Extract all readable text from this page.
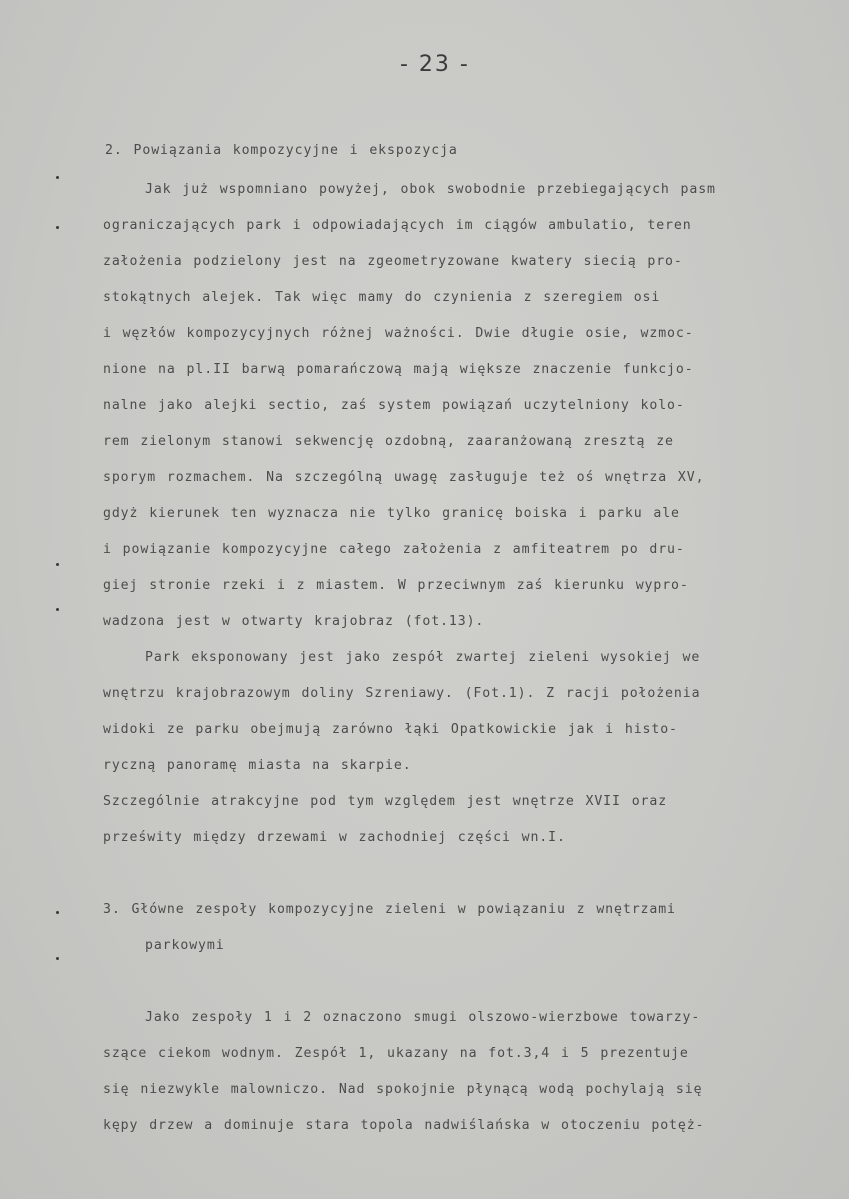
- 23 -
2. Powiązania kompozycyjne i ekspozycja
Jak już wspomniano powyżej, obok swobodnie przebiegających pasm
ograniczających park i odpowiadających im ciągów ambulatio, teren
założenia podzielony jest na zgeometryzowane kwatery siecią pro-
stokątnych alejek. Tak więc mamy do czynienia z szeregiem osi
i węzłów kompozycyjnych różnej ważności. Dwie długie osie, wzmoc-
nione na pl.II barwą pomarańczową mają większe znaczenie funkcjo-
nalne jako alejki sectio, zaś system powiązań uczytelniony kolo-
rem zielonym stanowi sekwencję ozdobną, zaaranżowaną zresztą ze
sporym rozmachem. Na szczególną uwagę zasługuje też oś wnętrza XV,
gdyż kierunek ten wyznacza nie tylko granicę boiska i parku ale
i powiązanie kompozycyjne całego założenia z amfiteatrem po dru-
giej stronie rzeki i z miastem. W przeciwnym zaś kierunku wypro-
wadzona jest w otwarty krajobraz (fot.13).
Park eksponowany jest jako zespół zwartej zieleni wysokiej we
wnętrzu krajobrazowym doliny Szreniawy. (Fot.1). Z racji położenia
widoki ze parku obejmują zarówno łąki Opatkowickie jak i histo-
ryczną panoramę miasta na skarpie.
Szczególnie atrakcyjne pod tym względem jest wnętrze XVII oraz
prześwity między drzewami w zachodniej części wn.I.
3. Główne zespoły kompozycyjne zieleni w powiązaniu z wnętrzami
parkowymi
Jako zespoły 1 i 2 oznaczono smugi olszowo-wierzbowe towarzy-
szące ciekom wodnym. Zespół 1, ukazany na fot.3,4 i 5 prezentuje
się niezwykle malowniczo. Nad spokojnie płynącą wodą pochylają się
kępy drzew a dominuje stara topola nadwiślańska w otoczeniu potęż-
